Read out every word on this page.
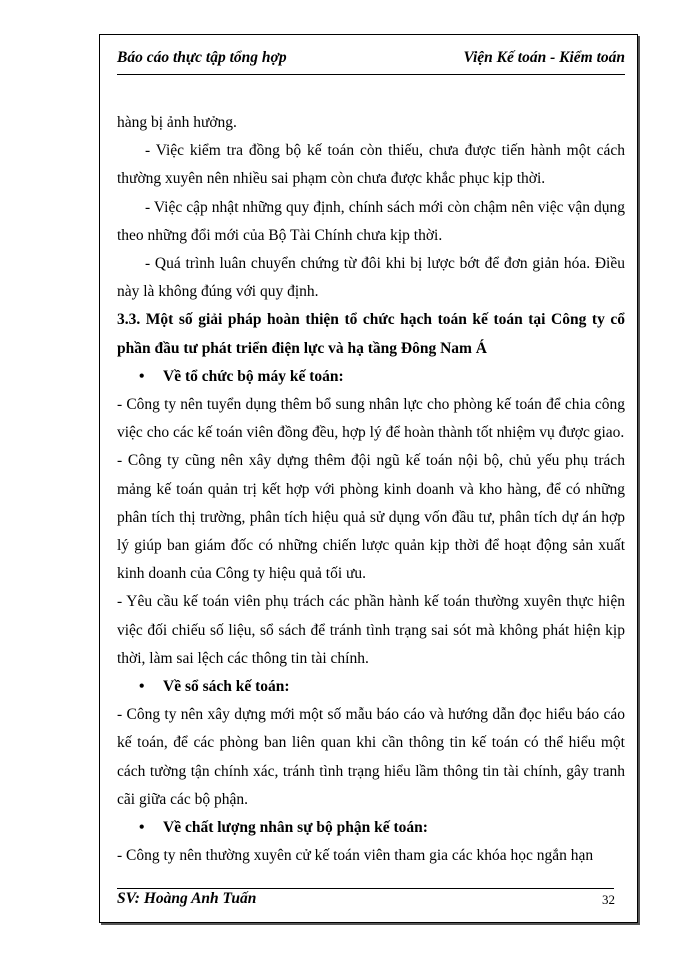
Báo cáo thực tập tổng hợp	Viện Kế toán - Kiểm toán

hàng bị ảnh hưởng.

- Việc kiểm tra đồng bộ kế toán còn thiếu, chưa được tiến hành một cách thường xuyên nên nhiều sai phạm còn chưa được khắc phục kịp thời.

- Việc cập nhật những quy định, chính sách mới còn chậm nên việc vận dụng theo những đổi mới của Bộ Tài Chính chưa kịp thời.

- Quá trình luân chuyển chứng từ đôi khi bị lược bớt để đơn giản hóa. Điều này là không đúng với quy định.

3.3. Một số giải pháp hoàn thiện tổ chức hạch toán kế toán tại Công ty cổ phần đầu tư phát triển điện lực và hạ tầng Đông Nam Á

• Về tổ chức bộ máy kế toán:

- Công ty nên tuyển dụng thêm bổ sung nhân lực cho phòng kế toán để chia công việc cho các kế toán viên đồng đều, hợp lý để hoàn thành tốt nhiệm vụ được giao.

- Công ty cũng nên xây dựng thêm đội ngũ kế toán nội bộ, chủ yếu phụ trách mảng kế toán quản trị kết hợp với phòng kinh doanh và kho hàng, để có những phân tích thị trường, phân tích hiệu quả sử dụng vốn đầu tư, phân tích dự án hợp lý giúp ban giám đốc có những chiến lược quản kịp thời để hoạt động sản xuất kinh doanh của Công ty hiệu quả tối ưu.

- Yêu cầu kế toán viên phụ trách các phần hành kế toán thường xuyên thực hiện việc đối chiếu số liệu, sổ sách để tránh tình trạng sai sót mà không phát hiện kịp thời, làm sai lệch các thông tin tài chính.

• Về sổ sách kế toán:

- Công ty nên xây dựng mới một số mẫu báo cáo và hướng dẫn đọc hiểu báo cáo kế toán, để các phòng ban liên quan khi cần thông tin kế toán có thể hiểu một cách tường tận chính xác, tránh tình trạng hiểu lầm thông tin tài chính, gây tranh cãi giữa các bộ phận.

• Về chất lượng nhân sự bộ phận kế toán:

- Công ty nên thường xuyên cử kế toán viên tham gia các khóa học ngắn hạn

SV: Hoàng Anh Tuấn	32
